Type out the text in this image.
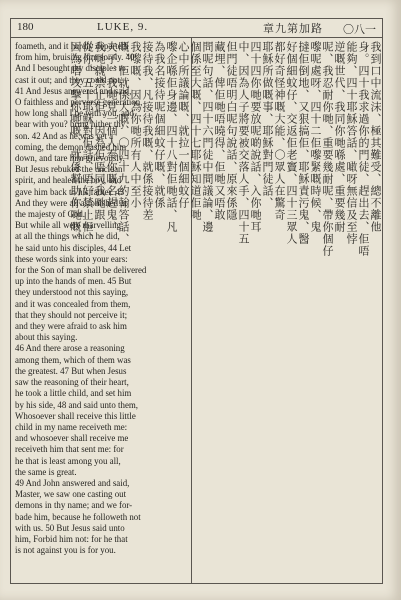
180	LUKE, 9.	章九第加路 〇八一

foameth, and it hardly departeth

from him, bruising him sorely. 40

And I besought thy disciples to

cast it out; and they could not.

41 And Jesus answered and said,

O faithless and perverse generation,

how long shall I be with you, and

bear with you? bring hither thy

son. 42 And as he was yet a

coming, the demon dashed him

down, and tare him grievously.

But Jesus rebuked the unclean

spirit, and healed the boy, and

gave him back to his father. 43

And they were all astonished at

the majesty of God.

But while all were marvelling

at all the things which he did,

he said unto his disciples, 44 Let

these words sink into your ears:

for the Son of man shall be delivered

up into the hands of men. 45 But

they understood not this saying,

and it was concealed from them,

that they should not perceive it;

and they were afraid to ask him

about this saying.

46 And there arose a reasoning

among them, which of them was

the greatest. 47 But when Jesus

saw the reasoning of their heart,

he took a little child, and set him

by his side, 48 and said unto them,

Whosoever shall receive this little

child in my name receiveth me:

and whosoever shall receive me

receiveth him that sent me: for

he that is least among you all,

the same is great.

49 And John answered and said,

Master, we saw one casting out

demons in thy name; and we for-

bade him, because he followeth not

with us. 50 But Jesus said unto

him, Forbid him not: for he that

is not against you is for you.

我到口中流沫、極其難受、總不離他
身。四十我求過你的門徒、趕出去、佢唔
能夠、四十耶穌答話、噉呀無信及至悖
逆嘅世代、我同你哋喺處、重要幾耐
呢、我忍耐你哋、重要幾耐呢、帶你個仔
嚟呢處呀、四十二佢嚟緊嘅時候、鬼
撻佢倒地、又狠搞佢、耶穌責污鬼、醫
好個細蚊仔、交返佢老竇、四十三眾人
都好奇怪神嘅大能、〇眾人在驚奇
耶穌所做嘅事、耶穌對門徒話、
四十四你哋要放呢啲說話、入你哋耳
中、因為人子將要被交落人手、四十五
但門徒唔明白呢句說話、原來係隱
藏埋、俾佢哋唔曉得、佢哋又唔敢
問呢句話、四十六門徒中間議論、邊
個係至大嘅、四十七耶穌知道佢哋
心中所議論嘅、就拉一個細蚊仔
嚟企喺佢身邊、四十八對佢哋話、凡
為我名接待呢個細蚊仔嘅、就係
接待我、凡接待我嘅、就係接待差
我嚟嘅、因為你哋所有人中至小
嘅、佢就係大嘅、〇四十九約翰答話、
夫子、我哋見一個人奉你嘅名趕鬼、
我哋就禁止佢、因為佢唔同我哋跟
從你、五十耶穌對佢話、唔好禁止佢、
因為唔攻擊你哋嘅、就係幫助你哋嘅。
